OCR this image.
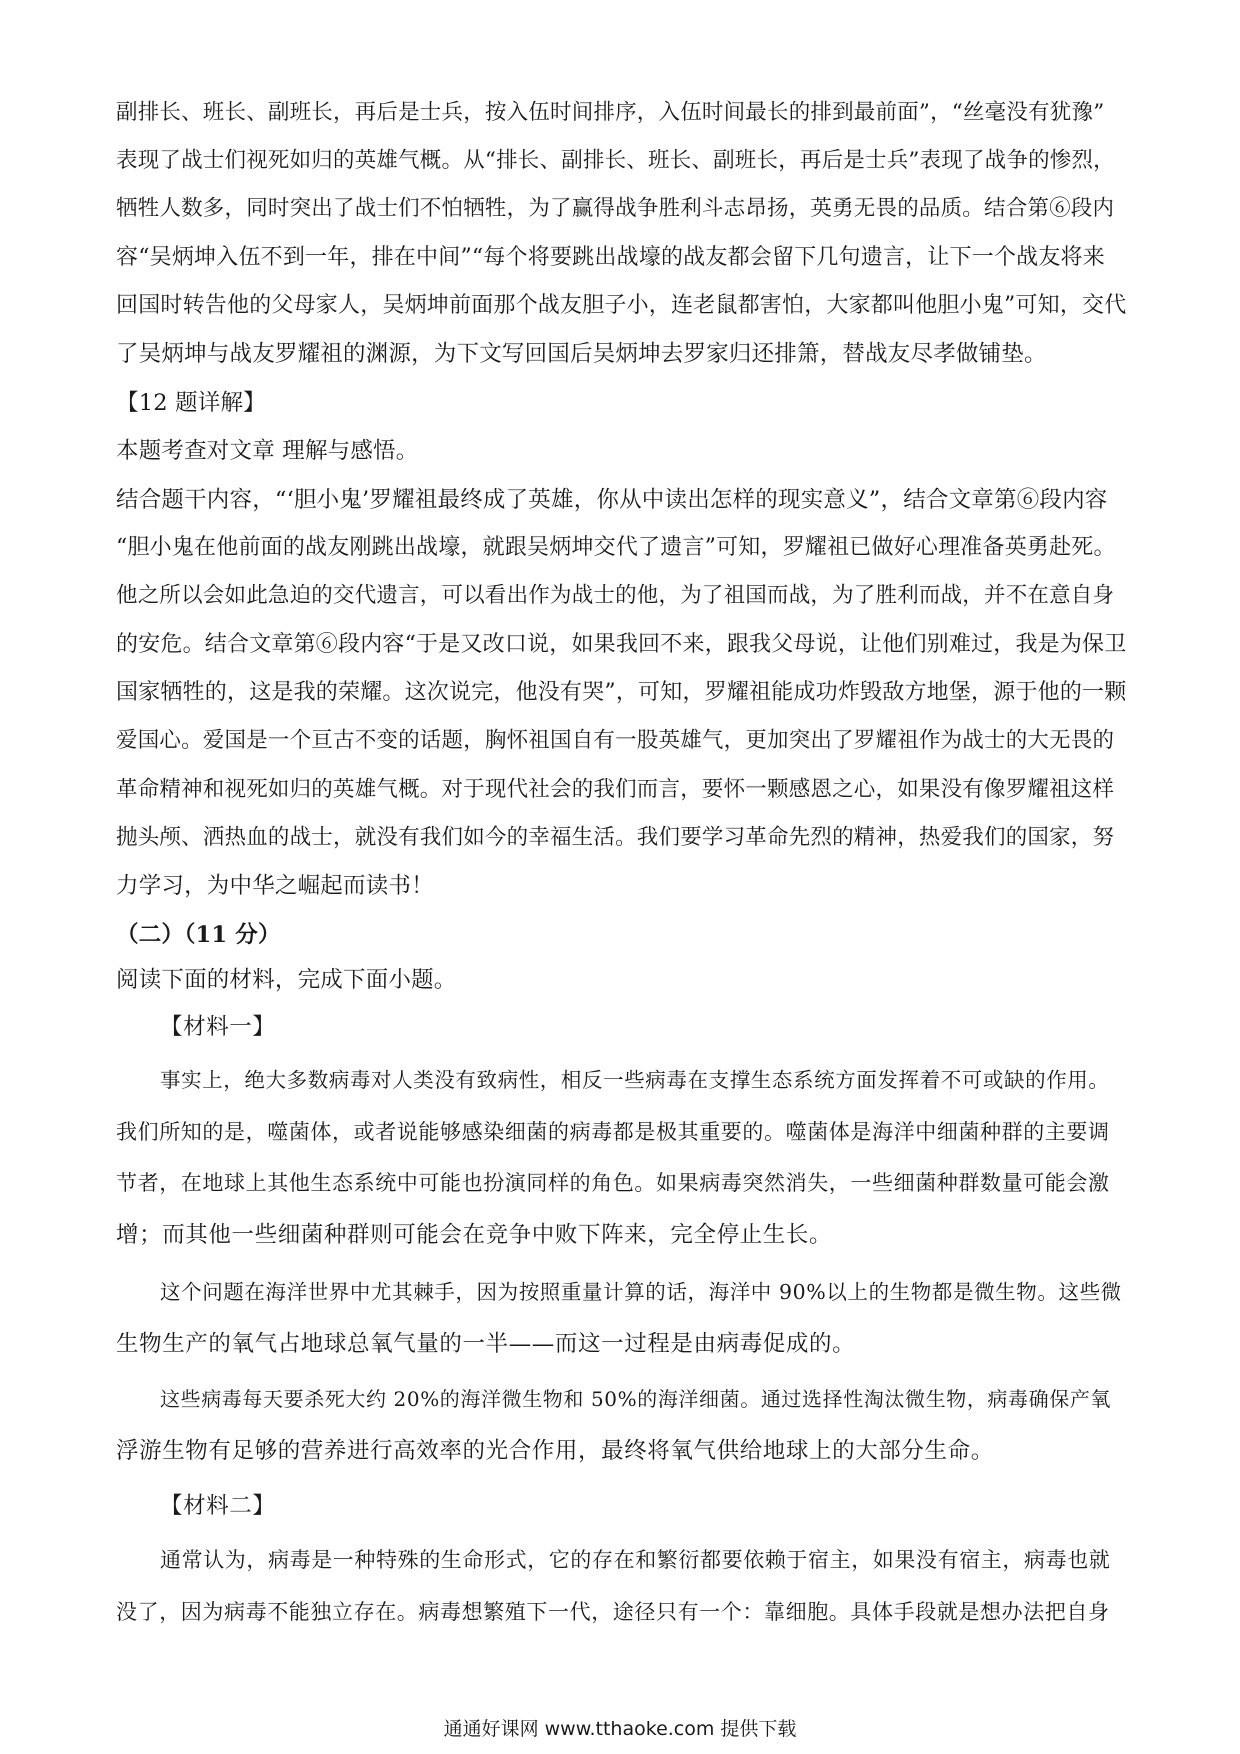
副排长、班长、副班长，再后是士兵，按入伍时间排序，入伍时间最长的排到最前面”，“丝毫没有犹豫”
表现了战士们视死如归的英雄气概。从“排长、副排长、班长、副班长，再后是士兵”表现了战争的惨烈，
牺牲人数多，同时突出了战士们不怕牺牲，为了赢得战争胜利斗志昂扬，英勇无畏的品质。结合第⑥段内
容“吴炳坤入伍不到一年，排在中间”“每个将要跳出战壕的战友都会留下几句遗言，让下一个战友将来
回国时转告他的父母家人，吴炳坤前面那个战友胆子小，连老鼠都害怕，大家都叫他胆小鬼”可知，交代
了吴炳坤与战友罗耀祖的渊源，为下文写回国后吴炳坤去罗家归还排箫，替战友尽孝做铺垫。
【12 题详解】
本题考查对文章 理解与感悟。
结合题干内容，“‘胆小鬼’罗耀祖最终成了英雄，你从中读出怎样的现实意义”，结合文章第⑥段内容
“胆小鬼在他前面的战友刚跳出战壕，就跟吴炳坤交代了遗言”可知，罗耀祖已做好心理准备英勇赴死。
他之所以会如此急迫的交代遗言，可以看出作为战士的他，为了祖国而战，为了胜利而战，并不在意自身
的安危。结合文章第⑥段内容“于是又改口说，如果我回不来，跟我父母说，让他们别难过，我是为保卫
国家牺牲的，这是我的荣耀。这次说完，他没有哭”，可知，罗耀祖能成功炸毁敌方地堡，源于他的一颗
爱国心。爱国是一个亘古不变的话题，胸怀祖国自有一股英雄气，更加突出了罗耀祖作为战士的大无畏的
革命精神和视死如归的英雄气概。对于现代社会的我们而言，要怀一颗感恩之心，如果没有像罗耀祖这样
抛头颅、洒热血的战士，就没有我们如今的幸福生活。我们要学习革命先烈的精神，热爱我们的国家，努
力学习，为中华之崛起而读书！
（二）（11 分）
阅读下面的材料，完成下面小题。
【材料一】
事实上，绝大多数病毒对人类没有致病性，相反一些病毒在支撑生态系统方面发挥着不可或缺的作用。
我们所知的是，噬菌体，或者说能够感染细菌的病毒都是极其重要的。噬菌体是海洋中细菌种群的主要调
节者，在地球上其他生态系统中可能也扮演同样的角色。如果病毒突然消失，一些细菌种群数量可能会激
增；而其他一些细菌种群则可能会在竞争中败下阵来，完全停止生长。
这个问题在海洋世界中尤其棘手，因为按照重量计算的话，海洋中 90%以上的生物都是微生物。这些微
生物生产的氧气占地球总氧气量的一半——而这一过程是由病毒促成的。
这些病毒每天要杀死大约 20%的海洋微生物和 50%的海洋细菌。通过选择性淘汰微生物，病毒确保产氧
浮游生物有足够的营养进行高效率的光合作用，最终将氧气供给地球上的大部分生命。
【材料二】
通常认为，病毒是一种特殊的生命形式，它的存在和繁衍都要依赖于宿主，如果没有宿主，病毒也就
没了，因为病毒不能独立存在。病毒想繁殖下一代，途径只有一个：靠细胞。具体手段就是想办法把自身
通通好课网 www.tthaoke.com 提供下载
